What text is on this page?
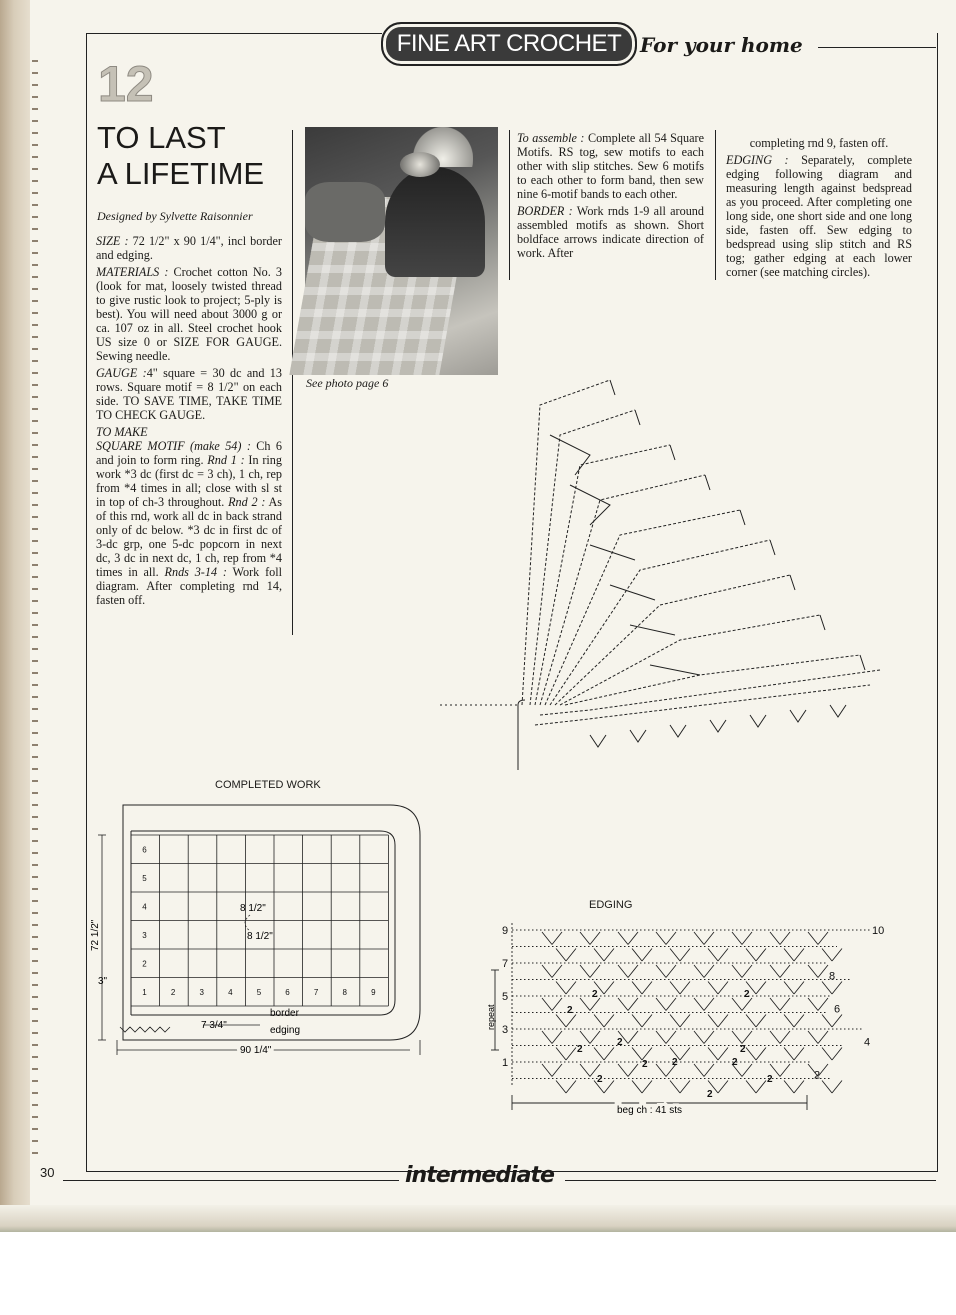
FINE ART CROCHET For your home
12
TO LAST
A LIFETIME
Designed by Sylvette Raisonnier

SIZE : 72 1/2" x 90 1/4", incl border and edging.

MATERIALS : Crochet cotton No. 3 (look for mat, loosely twisted thread to give rustic look to project; 5-ply is best). You will need about 3000 g or ca. 107 oz in all. Steel crochet hook US size 0 or SIZE FOR GAUGE. Sewing needle.

GAUGE :4" square = 30 dc and 13 rows. Square motif = 8 1/2" on each side. TO SAVE TIME, TAKE TIME TO CHECK GAUGE.

TO MAKE
SQUARE MOTIF (make 54) : Ch 6 and join to form ring. Rnd 1 : In ring work *3 dc (first dc = 3 ch), 1 ch, rep from *4 times in all; close with sl st in top of ch-3 throughout. Rnd 2 : As of this rnd, work all dc in back strand only of dc below. *3 dc in first dc of 3-dc grp, one 5-dc popcorn in next dc, 3 dc in next dc, 1 ch, rep from *4 times in all. Rnds 3-14 : Work foll diagram. After completing rnd 14, fasten off.

See photo page 6

To assemble : Complete all 54 Square Motifs. RS tog, sew motifs to each other with slip stitches. Sew 6 motifs to each other to form band, then sew nine 6-motif bands to each other.

BORDER : Work rnds 1-9 all around assembled motifs as shown. Short boldface arrows indicate direction of work. After

completing rnd 9, fasten off.

EDGING : Separately, complete edging following diagram and measuring length against bedspread as you proceed. After completing one long side, one short side and one long side, fasten off. Sew edging to bedspread using slip stitch and RS tog; gather edging at each lower corner (see matching circles).

COMPLETED WORK
1	2	3	4	5	6	7	8	9
6
5
4
3
2
72 1/2"
3"
90 1/4"
7 3/4"
8 1/2"
8 1/2"
border
edging
EDGING
9
7
5
3
1
10
8
6
4
2
2
2
2
2
2
2 2	2
2
2
2
2
repeat
beg ch : 41 sts
30	intermediate
